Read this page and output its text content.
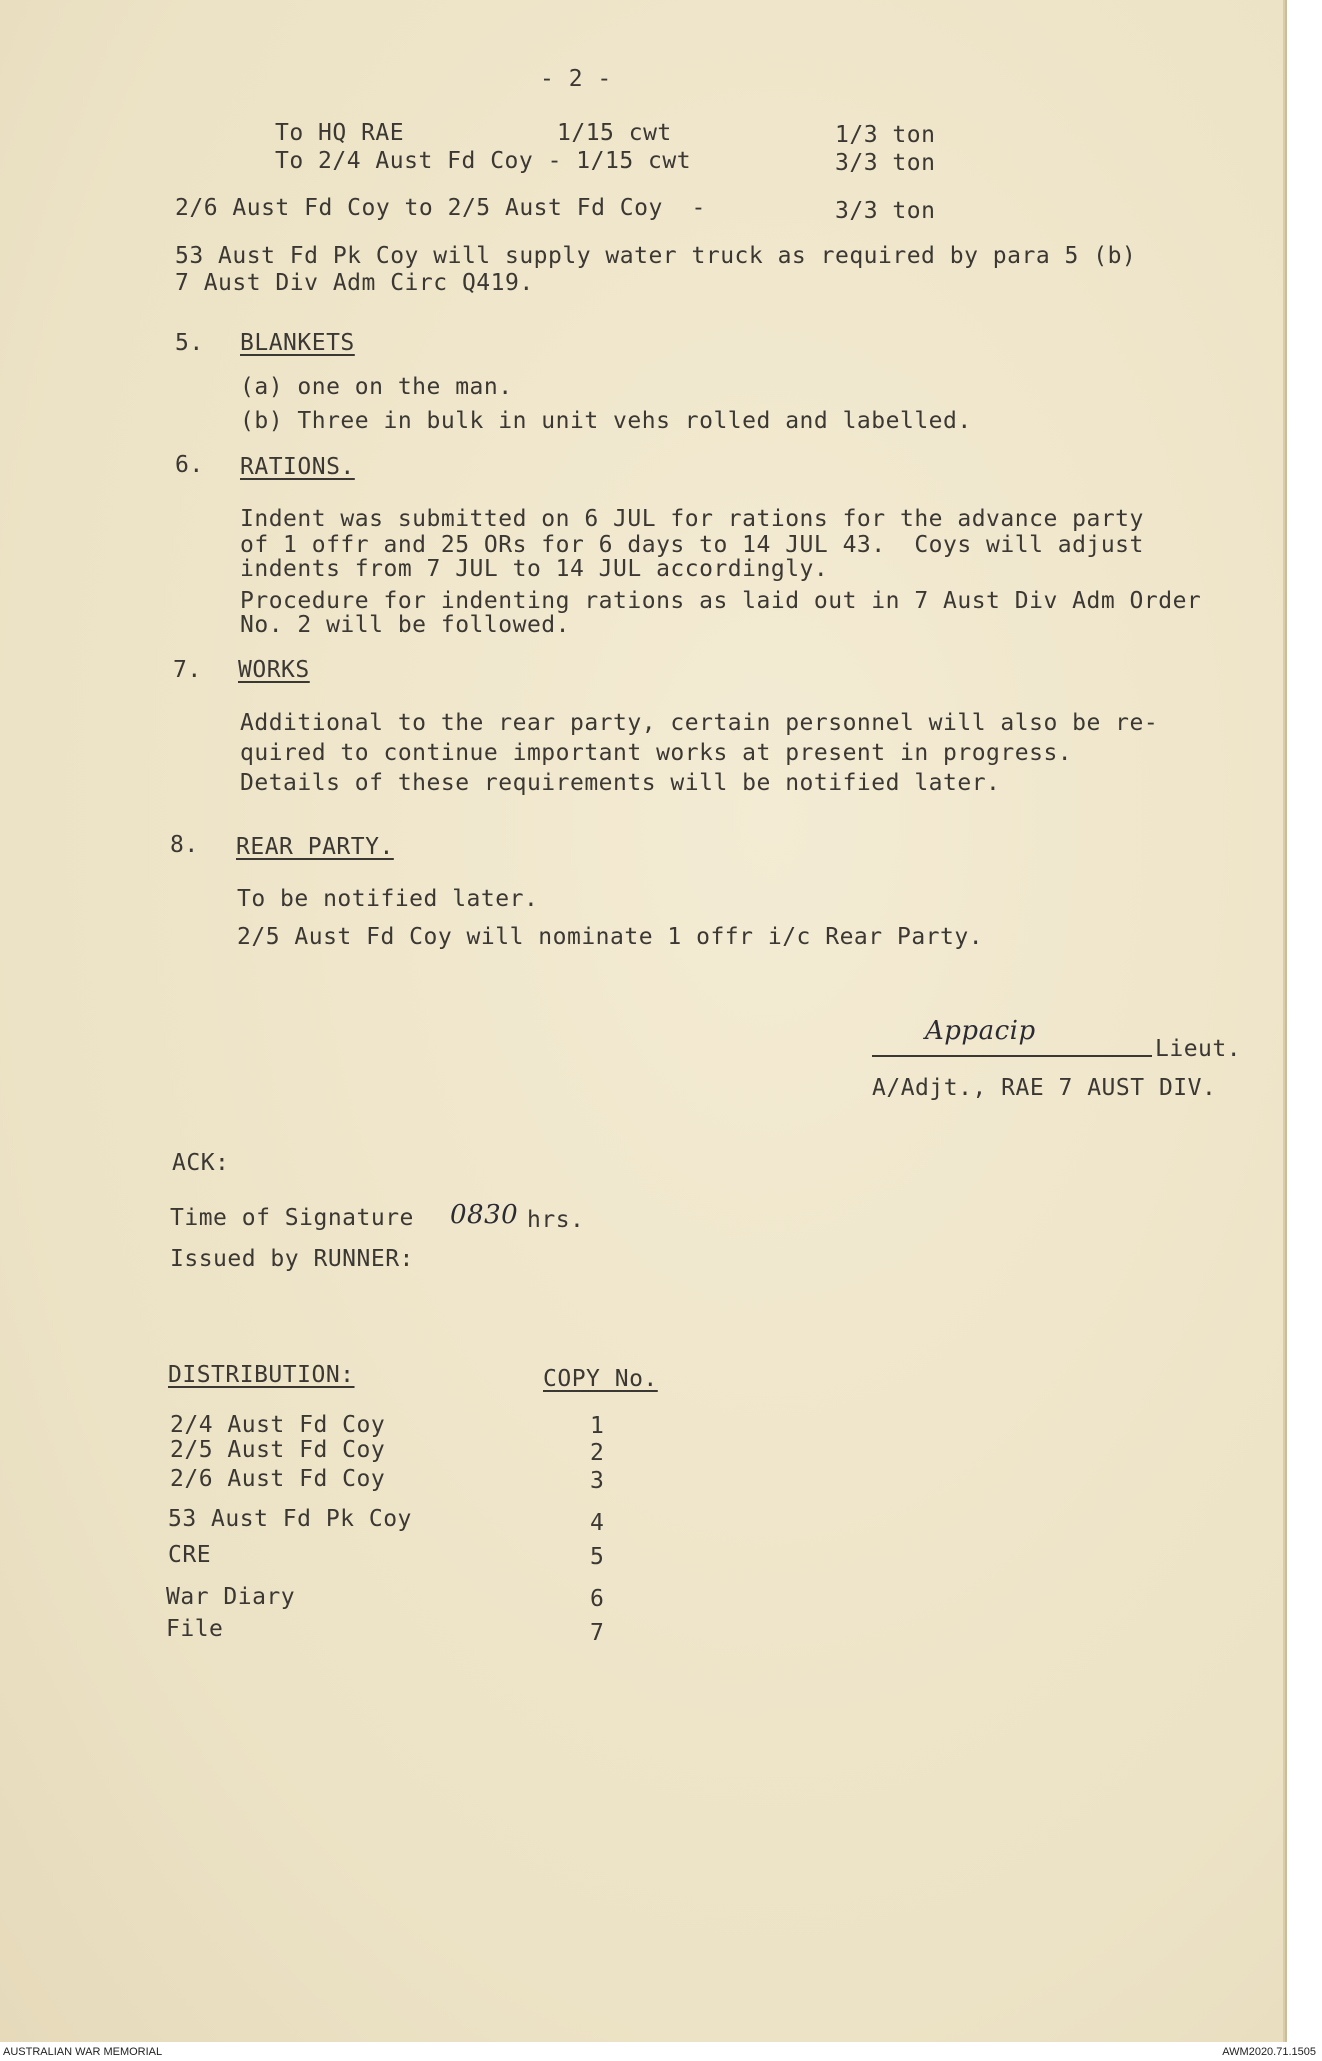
- 2 -

To HQ RAE	1/15 cwt	1/3 ton

To 2/4 Aust Fd Coy - 1/15 cwt	3/3 ton

2/6 Aust Fd Coy to 2/5 Aust Fd Coy  -	3/3 ton

53 Aust Fd Pk Coy will supply water truck as required by para 5 (b)

7 Aust Div Adm Circ Q419.

5. BLANKETS

(a) one on the man.

(b) Three in bulk in unit vehs rolled and labelled.

6. RATIONS.

Indent was submitted on 6 JUL for rations for the advance party

of 1 offr and 25 ORs for 6 days to 14 JUL 43.  Coys will adjust

indents from 7 JUL to 14 JUL accordingly.

Procedure for indenting rations as laid out in 7 Aust Div Adm Order

No. 2 will be followed.

7. WORKS

Additional to the rear party, certain personnel will also be re-

quired to continue important works at present in progress.

Details of these requirements will be notified later.

8. REAR PARTY.

To be notified later.

2/5 Aust Fd Coy will nominate 1 offr i/c Rear Party.

Appacip

Lieut.

A/Adjt., RAE 7 AUST DIV.

ACK:

Time of Signature 0830 hrs.

Issued by RUNNER:

DISTRIBUTION:	COPY No.

2/4 Aust Fd Coy	1

2/5 Aust Fd Coy	2

2/6 Aust Fd Coy	3

53 Aust Fd Pk Coy	4

CRE	5

War Diary	6

File	7

AUSTRALIAN WAR MEMORIAL	AWM2020.71.1505
